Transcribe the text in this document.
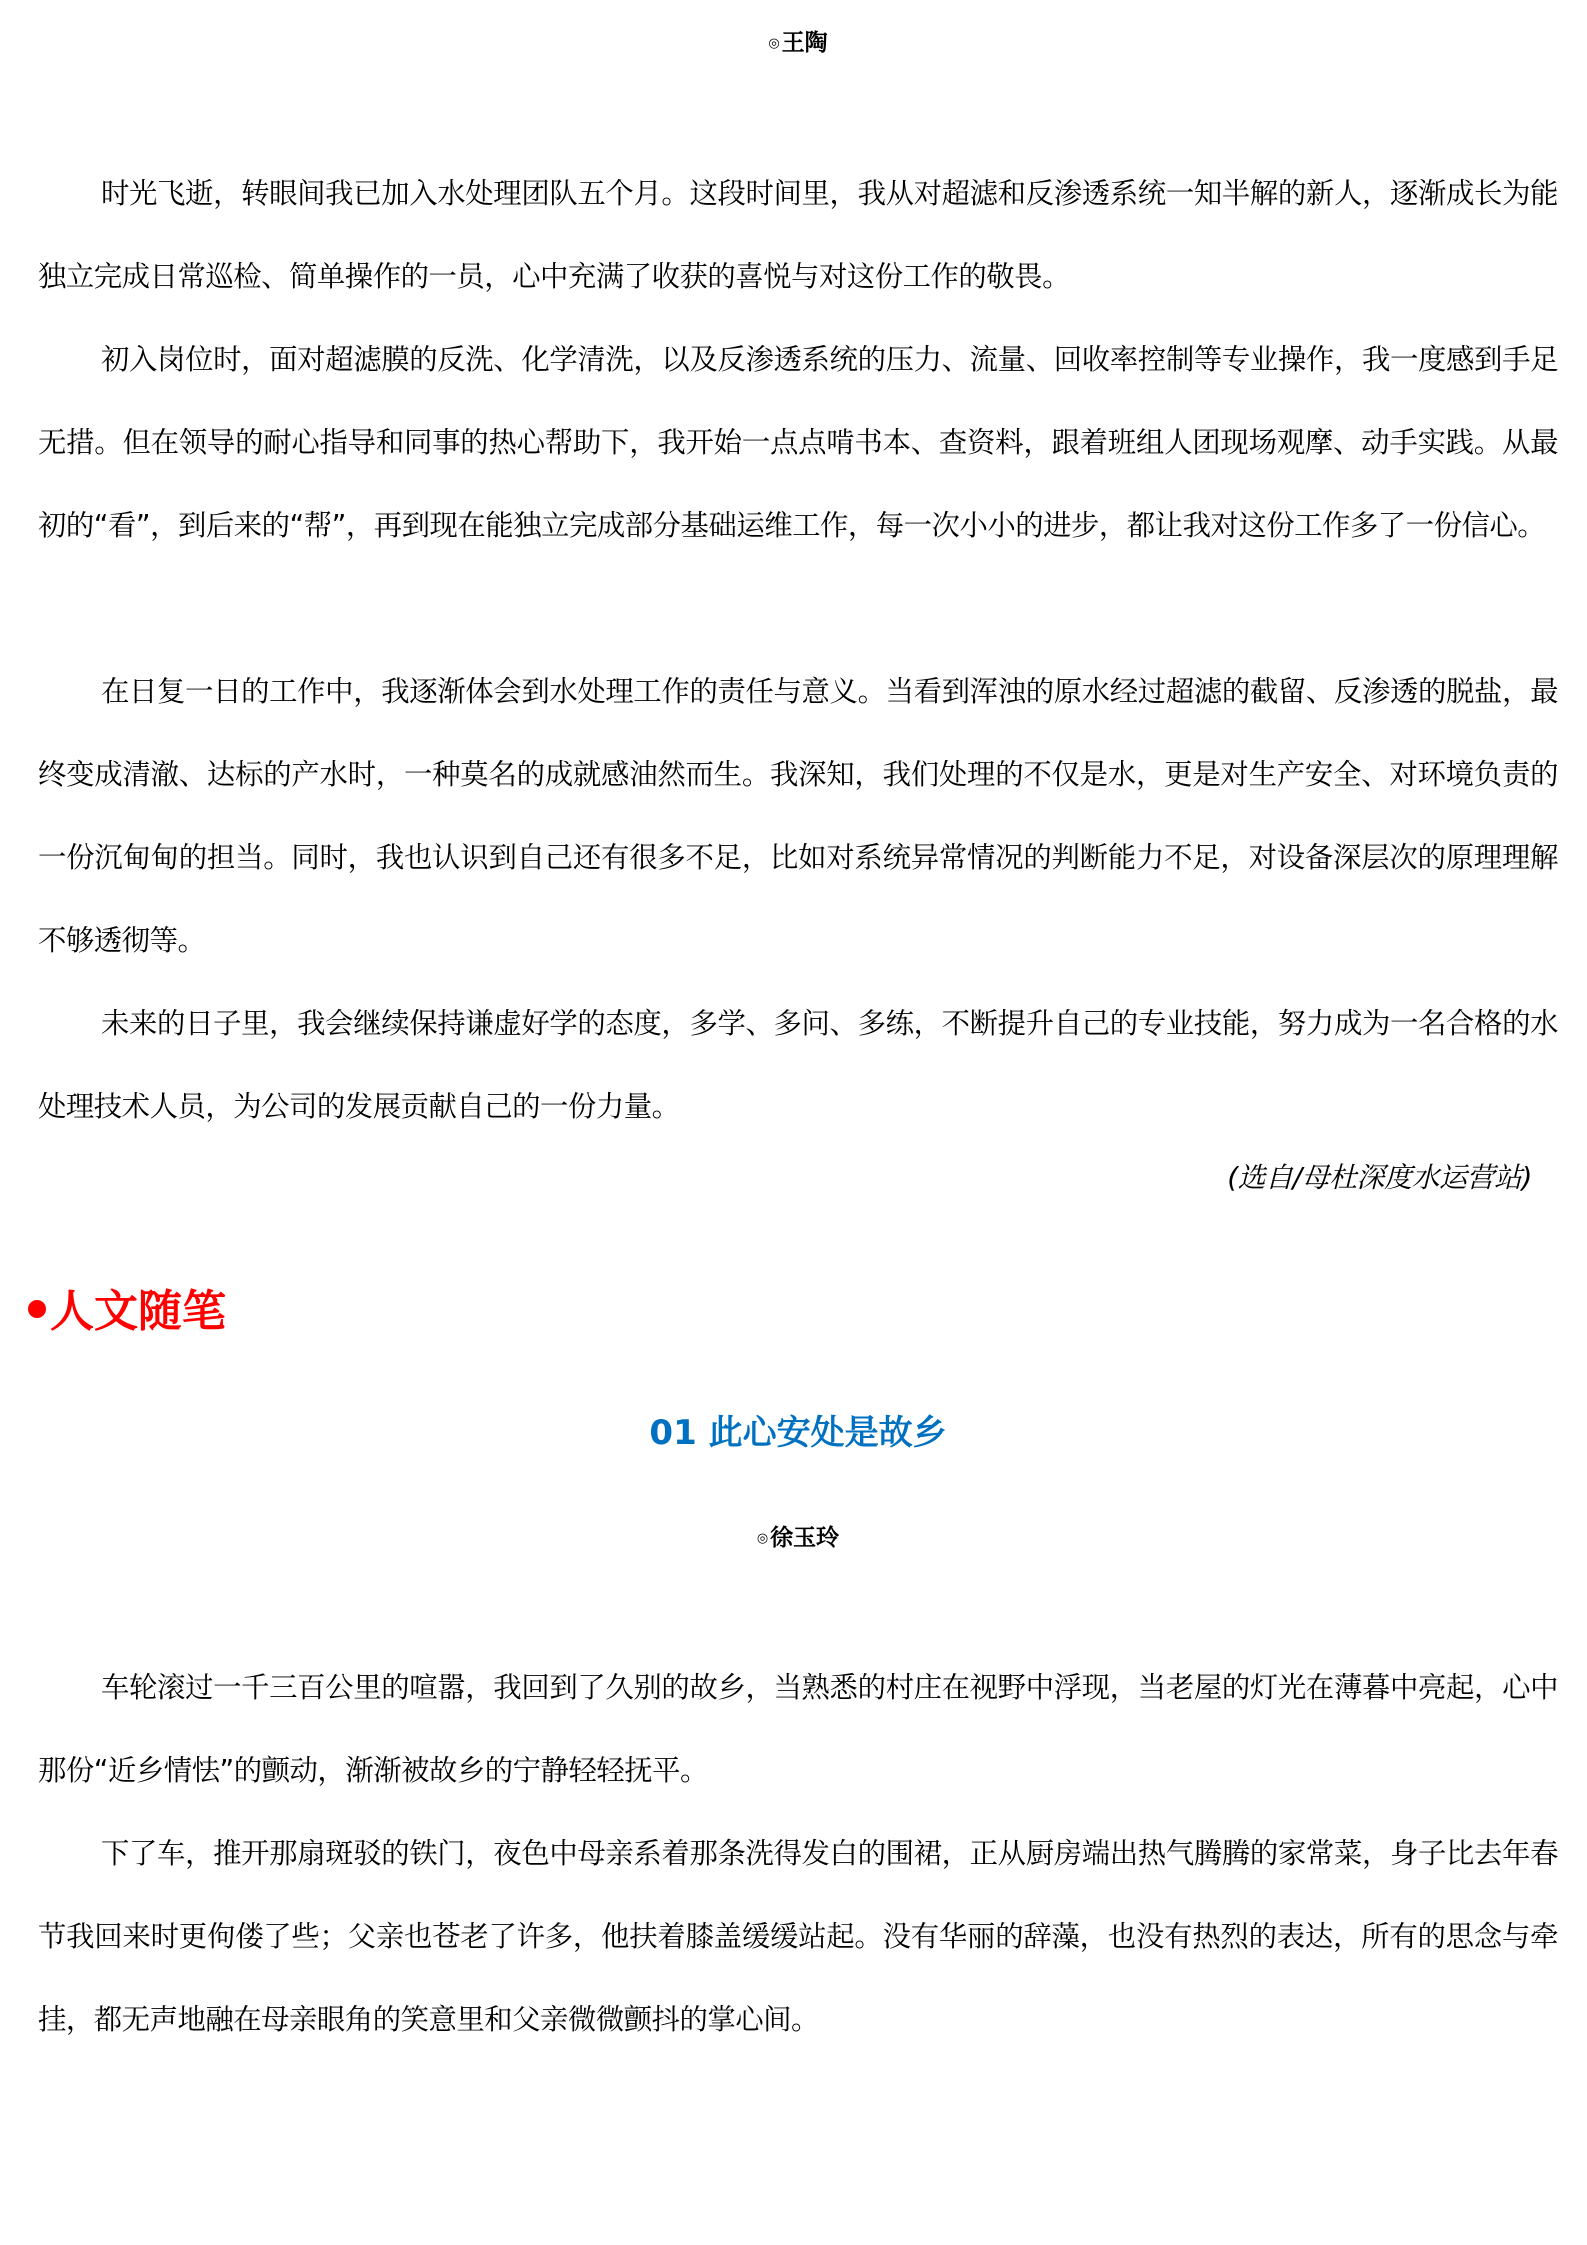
◎王陶

时光飞逝，转眼间我已加入水处理团队五个月。这段时间里，我从对超滤和反渗透系统一知半解的新人，逐渐成长为能独立完成日常巡检、简单操作的一员，心中充满了收获的喜悦与对这份工作的敬畏。

初入岗位时，面对超滤膜的反洗、化学清洗，以及反渗透系统的压力、流量、回收率控制等专业操作，我一度感到手足无措。但在领导的耐心指导和同事的热心帮助下，我开始一点点啃书本、查资料，跟着班组人团现场观摩、动手实践。从最初的“看”，到后来的“帮”，再到现在能独立完成部分基础运维工作，每一次小小的进步，都让我对这份工作多了一份信心。

在日复一日的工作中，我逐渐体会到水处理工作的责任与意义。当看到浑浊的原水经过超滤的截留、反渗透的脱盐，最终变成清澈、达标的产水时，一种莫名的成就感油然而生。我深知，我们处理的不仅是水，更是对生产安全、对环境负责的一份沉甸甸的担当。同时，我也认识到自己还有很多不足，比如对系统异常情况的判断能力不足，对设备深层次的原理理解不够透彻等。

未来的日子里，我会继续保持谦虚好学的态度，多学、多问、多练，不断提升自己的专业技能，努力成为一名合格的水处理技术人员，为公司的发展贡献自己的一份力量。

(选自/母杜深度水运营站)
人文随笔
01 此心安处是故乡
◎徐玉玲

车轮滚过一千三百公里的喧嚣，我回到了久别的故乡，当熟悉的村庄在视野中浮现，当老屋的灯光在薄暮中亮起，心中那份“近乡情怯”的颤动，渐渐被故乡的宁静轻轻抚平。

下了车，推开那扇斑驳的铁门，夜色中母亲系着那条洗得发白的围裙，正从厨房端出热气腾腾的家常菜，身子比去年春节我回来时更佝偻了些；父亲也苍老了许多，他扶着膝盖缓缓站起。没有华丽的辞藻，也没有热烈的表达，所有的思念与牵挂，都无声地融在母亲眼角的笑意里和父亲微微颤抖的掌心间。
